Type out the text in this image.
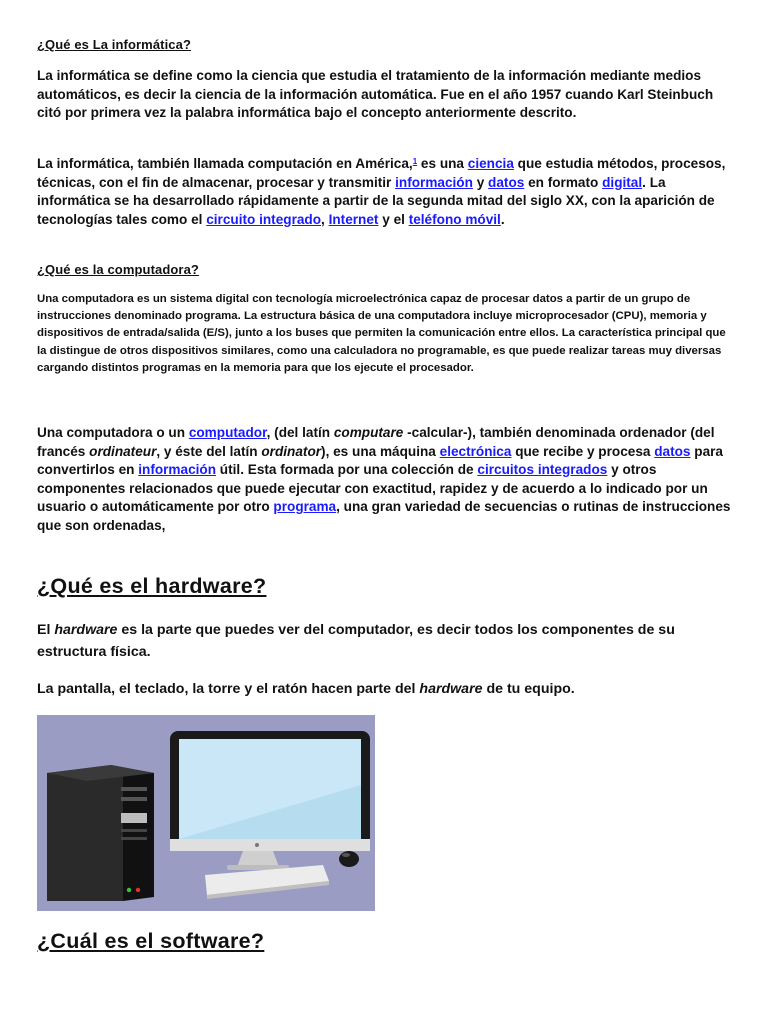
¿Qué es La informática?

La informática se define como la ciencia que estudia el tratamiento de la información mediante medios automáticos, es decir la ciencia de la información automática. Fue en el año 1957 cuando Karl Steinbuch citó por primera vez la palabra informática bajo el concepto anteriormente descrito.

La informática, también llamada computación en América,$^1$ es una ciencia que estudia métodos, procesos, técnicas, con el fin de almacenar, procesar y transmitir información y datos en formato digital. La informática se ha desarrollado rápidamente a partir de la segunda mitad del siglo XX, con la aparición de tecnologías tales como el circuito integrado, Internet y el teléfono móvil.

¿Qué es la computadora?

Una computadora es un sistema digital con tecnología microelectrónica capaz de procesar datos a partir de un grupo de instrucciones denominado programa. La estructura básica de una computadora incluye microprocesador (CPU), memoria y dispositivos de entrada/salida (E/S), junto a los buses que permiten la comunicación entre ellos. La característica principal que la distingue de otros dispositivos similares, como una calculadora no programable, es que puede realizar tareas muy diversas cargando distintos programas en la memoria para que los ejecute el procesador.

Una computadora o un computador, (del latín computare -calcular-), también denominada ordenador (del francés ordinateur, y éste del latín ordinator), es una máquina electrónica que recibe y procesa datos para convertirlos en información útil. Esta formada por una colección de circuitos integrados y otros componentes relacionados que puede ejecutar con exactitud, rapidez y de acuerdo a lo indicado por un usuario o automáticamente por otro programa, una gran variedad de secuencias o rutinas de instrucciones que son ordenadas,

¿Qué es el hardware?

El hardware es la parte que puedes ver del computador, es decir todos los componentes de su estructura física.

La pantalla, el teclado, la torre y el ratón hacen parte del hardware de tu equipo.

¿Cuál es el software?
